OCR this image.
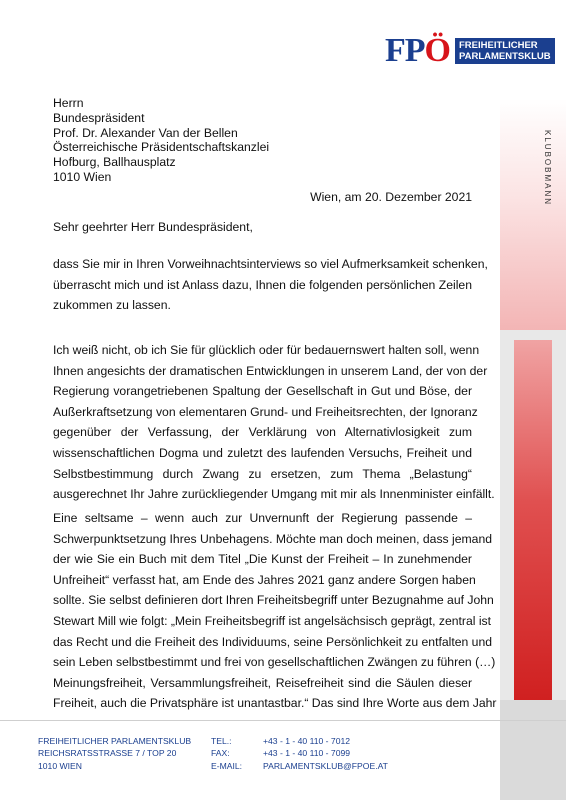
KLUBOBMANN
FPÖ FREIHEITLICHER
PARLAMENTSKLUB
Herrn
Bundespräsident
Prof. Dr. Alexander Van der Bellen
Österreichische Präsidentschaftskanzlei
Hofburg, Ballhausplatz
1010 Wien
Wien, am 20. Dezember 2021
Sehr geehrter Herr Bundespräsident,
dass Sie mir in Ihren Vorweihnachtsinterviews so viel Aufmerksamkeit schenken,
überrascht mich und ist Anlass dazu, Ihnen die folgenden persönlichen Zeilen
zukommen zu lassen.
Ich weiß nicht, ob ich Sie für glücklich oder für bedauernswert halten soll, wenn
Ihnen angesichts der dramatischen Entwicklungen in unserem Land, der von der
Regierung vorangetriebenen Spaltung der Gesellschaft in Gut und Böse, der
Außerkraftsetzung von elementaren Grund- und Freiheitsrechten, der Ignoranz
gegenüber der Verfassung, der Verklärung von Alternativlosigkeit zum
wissenschaftlichen Dogma und zuletzt des laufenden Versuchs, Freiheit und
Selbstbestimmung durch Zwang zu ersetzen, zum Thema „Belastung“
ausgerechnet Ihr Jahre zurückliegender Umgang mit mir als Innenminister einfällt.
Eine seltsame – wenn auch zur Unvernunft der Regierung passende –
Schwerpunktsetzung Ihres Unbehagens. Möchte man doch meinen, dass jemand
der wie Sie ein Buch mit dem Titel „Die Kunst der Freiheit – In zunehmender
Unfreiheit“ verfasst hat, am Ende des Jahres 2021 ganz andere Sorgen haben
sollte. Sie selbst definieren dort Ihren Freiheitsbegriff unter Bezugnahme auf John
Stewart Mill wie folgt: „Mein Freiheitsbegriff ist angelsächsisch geprägt, zentral ist
das Recht und die Freiheit des Individuums, seine Persönlichkeit zu entfalten und
sein Leben selbstbestimmt und frei von gesellschaftlichen Zwängen zu führen (…)
Meinungsfreiheit, Versammlungsfreiheit, Reisefreiheit sind die Säulen dieser
Freiheit, auch die Privatsphäre ist unantastbar.“ Das sind Ihre Worte aus dem Jahr
FREIHEITLICHER PARLAMENTSKLUB
REICHSRATSSTRASSE 7 / TOP 20
1010 WIEN
TEL.:
FAX:
E-MAIL:
+43 - 1 - 40 110 - 7012
+43 - 1 - 40 110 - 7099
PARLAMENTSKLUB@FPOE.AT
